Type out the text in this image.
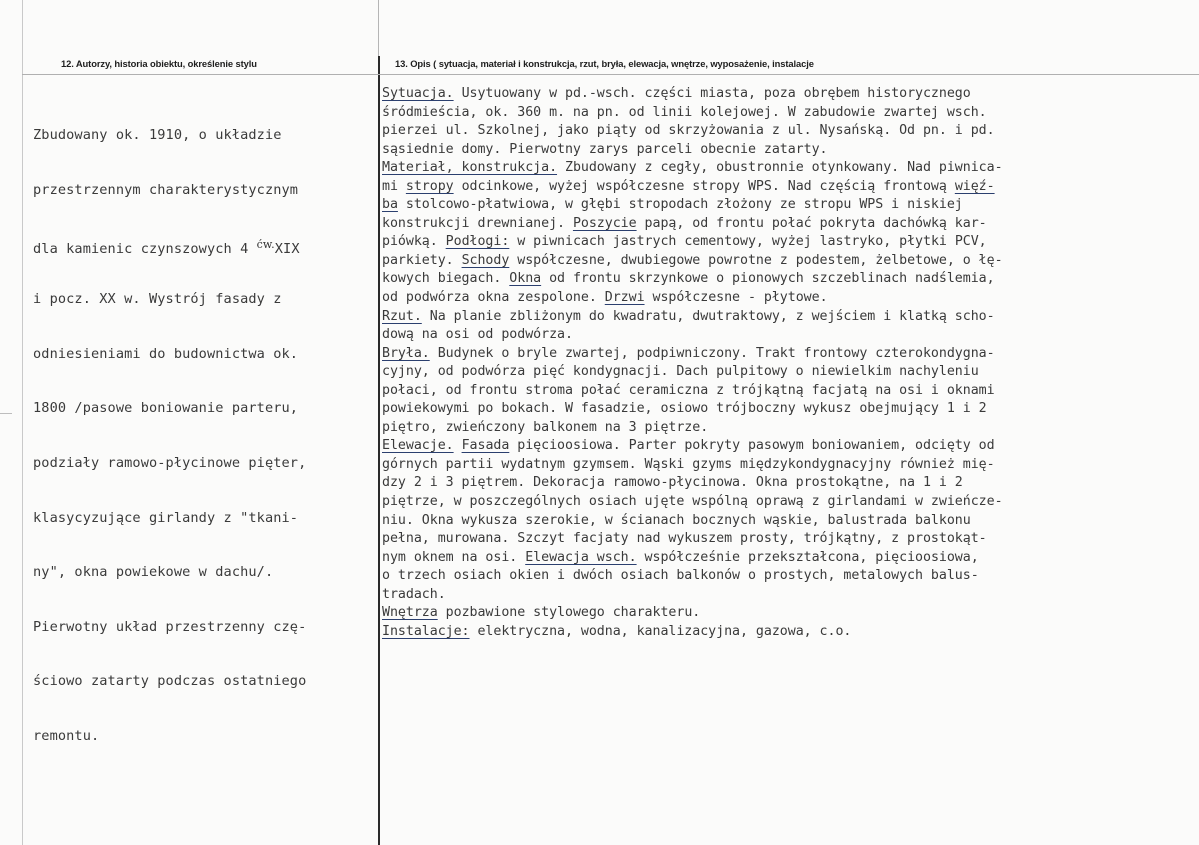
12. Autorzy, historia obiektu, określenie stylu	13. Opis ( sytuacja, materiał i konstrukcja, rzut, bryła, elewacja, wnętrze, wyposażenie, instalacje

Zbudowany ok. 1910, o układzie

przestrzennym charakterystycznym

dla kamienic czynszowych 4 $^{ćw.}$XIX

i pocz. XX w. Wystrój fasady z

odniesieniami do budownictwa ok.

1800 /pasowe boniowanie parteru,

podziały ramowo-płycinowe pięter,

klasycyzujące girlandy z "tkani-

ny", okna powiekowe w dachu/.

Pierwotny układ przestrzenny czę-

ściowo zatarty podczas ostatniego

remontu.

Sytuacja. Usytuowany w pd.-wsch. części miasta, poza obrębem historycznego
śródmieścia, ok. 360 m. na pn. od linii kolejowej. W zabudowie zwartej wsch.
pierzei ul. Szkolnej, jako piąty od skrzyżowania z ul. Nysańską. Od pn. i pd.
sąsiednie domy. Pierwotny zarys parceli obecnie zatarty.
Materiał, konstrukcja. Zbudowany z cegły, obustronnie otynkowany. Nad piwnica-
mi stropy odcinkowe, wyżej współczesne stropy WPS. Nad częścią frontową więź-
ba stolcowo-płatwiowa, w głębi stropodach złożony ze stropu WPS i niskiej
konstrukcji drewnianej. Poszycie papą, od frontu połać pokryta dachówką kar-
piówką. Podłogi: w piwnicach jastrych cementowy, wyżej lastryko, płytki PCV,
parkiety. Schody współczesne, dwubiegowe powrotne z podestem, żelbetowe, o łę-
kowych biegach. Okna od frontu skrzynkowe o pionowych szczeblinach nadślemia,
od podwórza okna zespolone. Drzwi współczesne - płytowe.
Rzut. Na planie zbliżonym do kwadratu, dwutraktowy, z wejściem i klatką scho-
dową na osi od podwórza.
Bryła. Budynek o bryle zwartej, podpiwniczony. Trakt frontowy czterokondygna-
cyjny, od podwórza pięć kondygnacji. Dach pulpitowy o niewielkim nachyleniu
połaci, od frontu stroma połać ceramiczna z trójkątną facjatą na osi i oknami
powiekowymi po bokach. W fasadzie, osiowo trójboczny wykusz obejmujący 1 i 2
piętro, zwieńczony balkonem na 3 piętrze.
Elewacje. Fasada pięcioosiowa. Parter pokryty pasowym boniowaniem, odcięty od
górnych partii wydatnym gzymsem. Wąski gzyms międzykondygnacyjny również mię-
dzy 2 i 3 piętrem. Dekoracja ramowo-płycinowa. Okna prostokątne, na 1 i 2
piętrze, w poszczególnych osiach ujęte wspólną oprawą z girlandami w zwieńcze-
niu. Okna wykusza szerokie, w ścianach bocznych wąskie, balustrada balkonu
pełna, murowana. Szczyt facjaty nad wykuszem prosty, trójkątny, z prostokąt-
nym oknem na osi. Elewacja wsch. współcześnie przekształcona, pięcioosiowa,
o trzech osiach okien i dwóch osiach balkonów o prostych, metalowych balus-
tradach.
Wnętrza pozbawione stylowego charakteru.
Instalacje: elektryczna, wodna, kanalizacyjna, gazowa, c.o.
